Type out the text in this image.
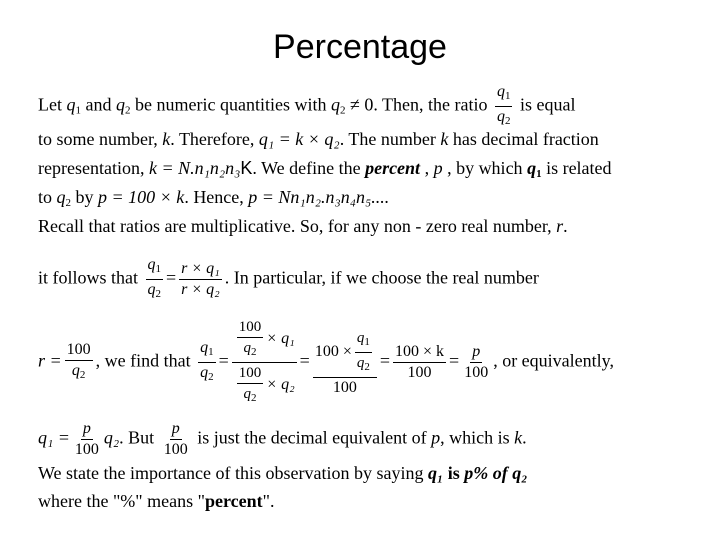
Percentage
Let $q_1$ and $q_2$ be numeric quantities with $q_2 \ne 0$. Then, the ratio $\frac{q_1}{q_2}$ is equal
to some number, k. Therefore, q₁ = k × q₂. The number k has decimal fraction
representation, k = N.n₁n₂n₃K. We define the percent , p , by which $q_1$ is related
to $q_2$ by p = 100 × k. Hence, p = Nn₁n₂.n₃n₄n₅....
Recall that ratios are multiplicative. So, for any non - zero real number, r.
it follows that $\frac{q_1}{q_2} = \frac{\text{r × q₁}}{\text{r × q₂}}$ . In particular, if we choose the real number
$r = \frac{100}{q_2}$ , we find that $\frac{q_1}{q_2} = \frac{\frac{100}{q_2} \times q_1}{\frac{100}{q_2} \times q_2} = \frac{100 \times \frac{q_1}{q_2}}{100} = \frac{100 \times k}{100} = \frac{p}{100}$ , or equivalently,
$q_1 = \frac{p}{100} q_2$. But $\frac{p}{100}$ is just the decimal equivalent of p, which is k.
We state the importance of this observation by saying q₁ is p% of q₂
where the "%" means "percent".
